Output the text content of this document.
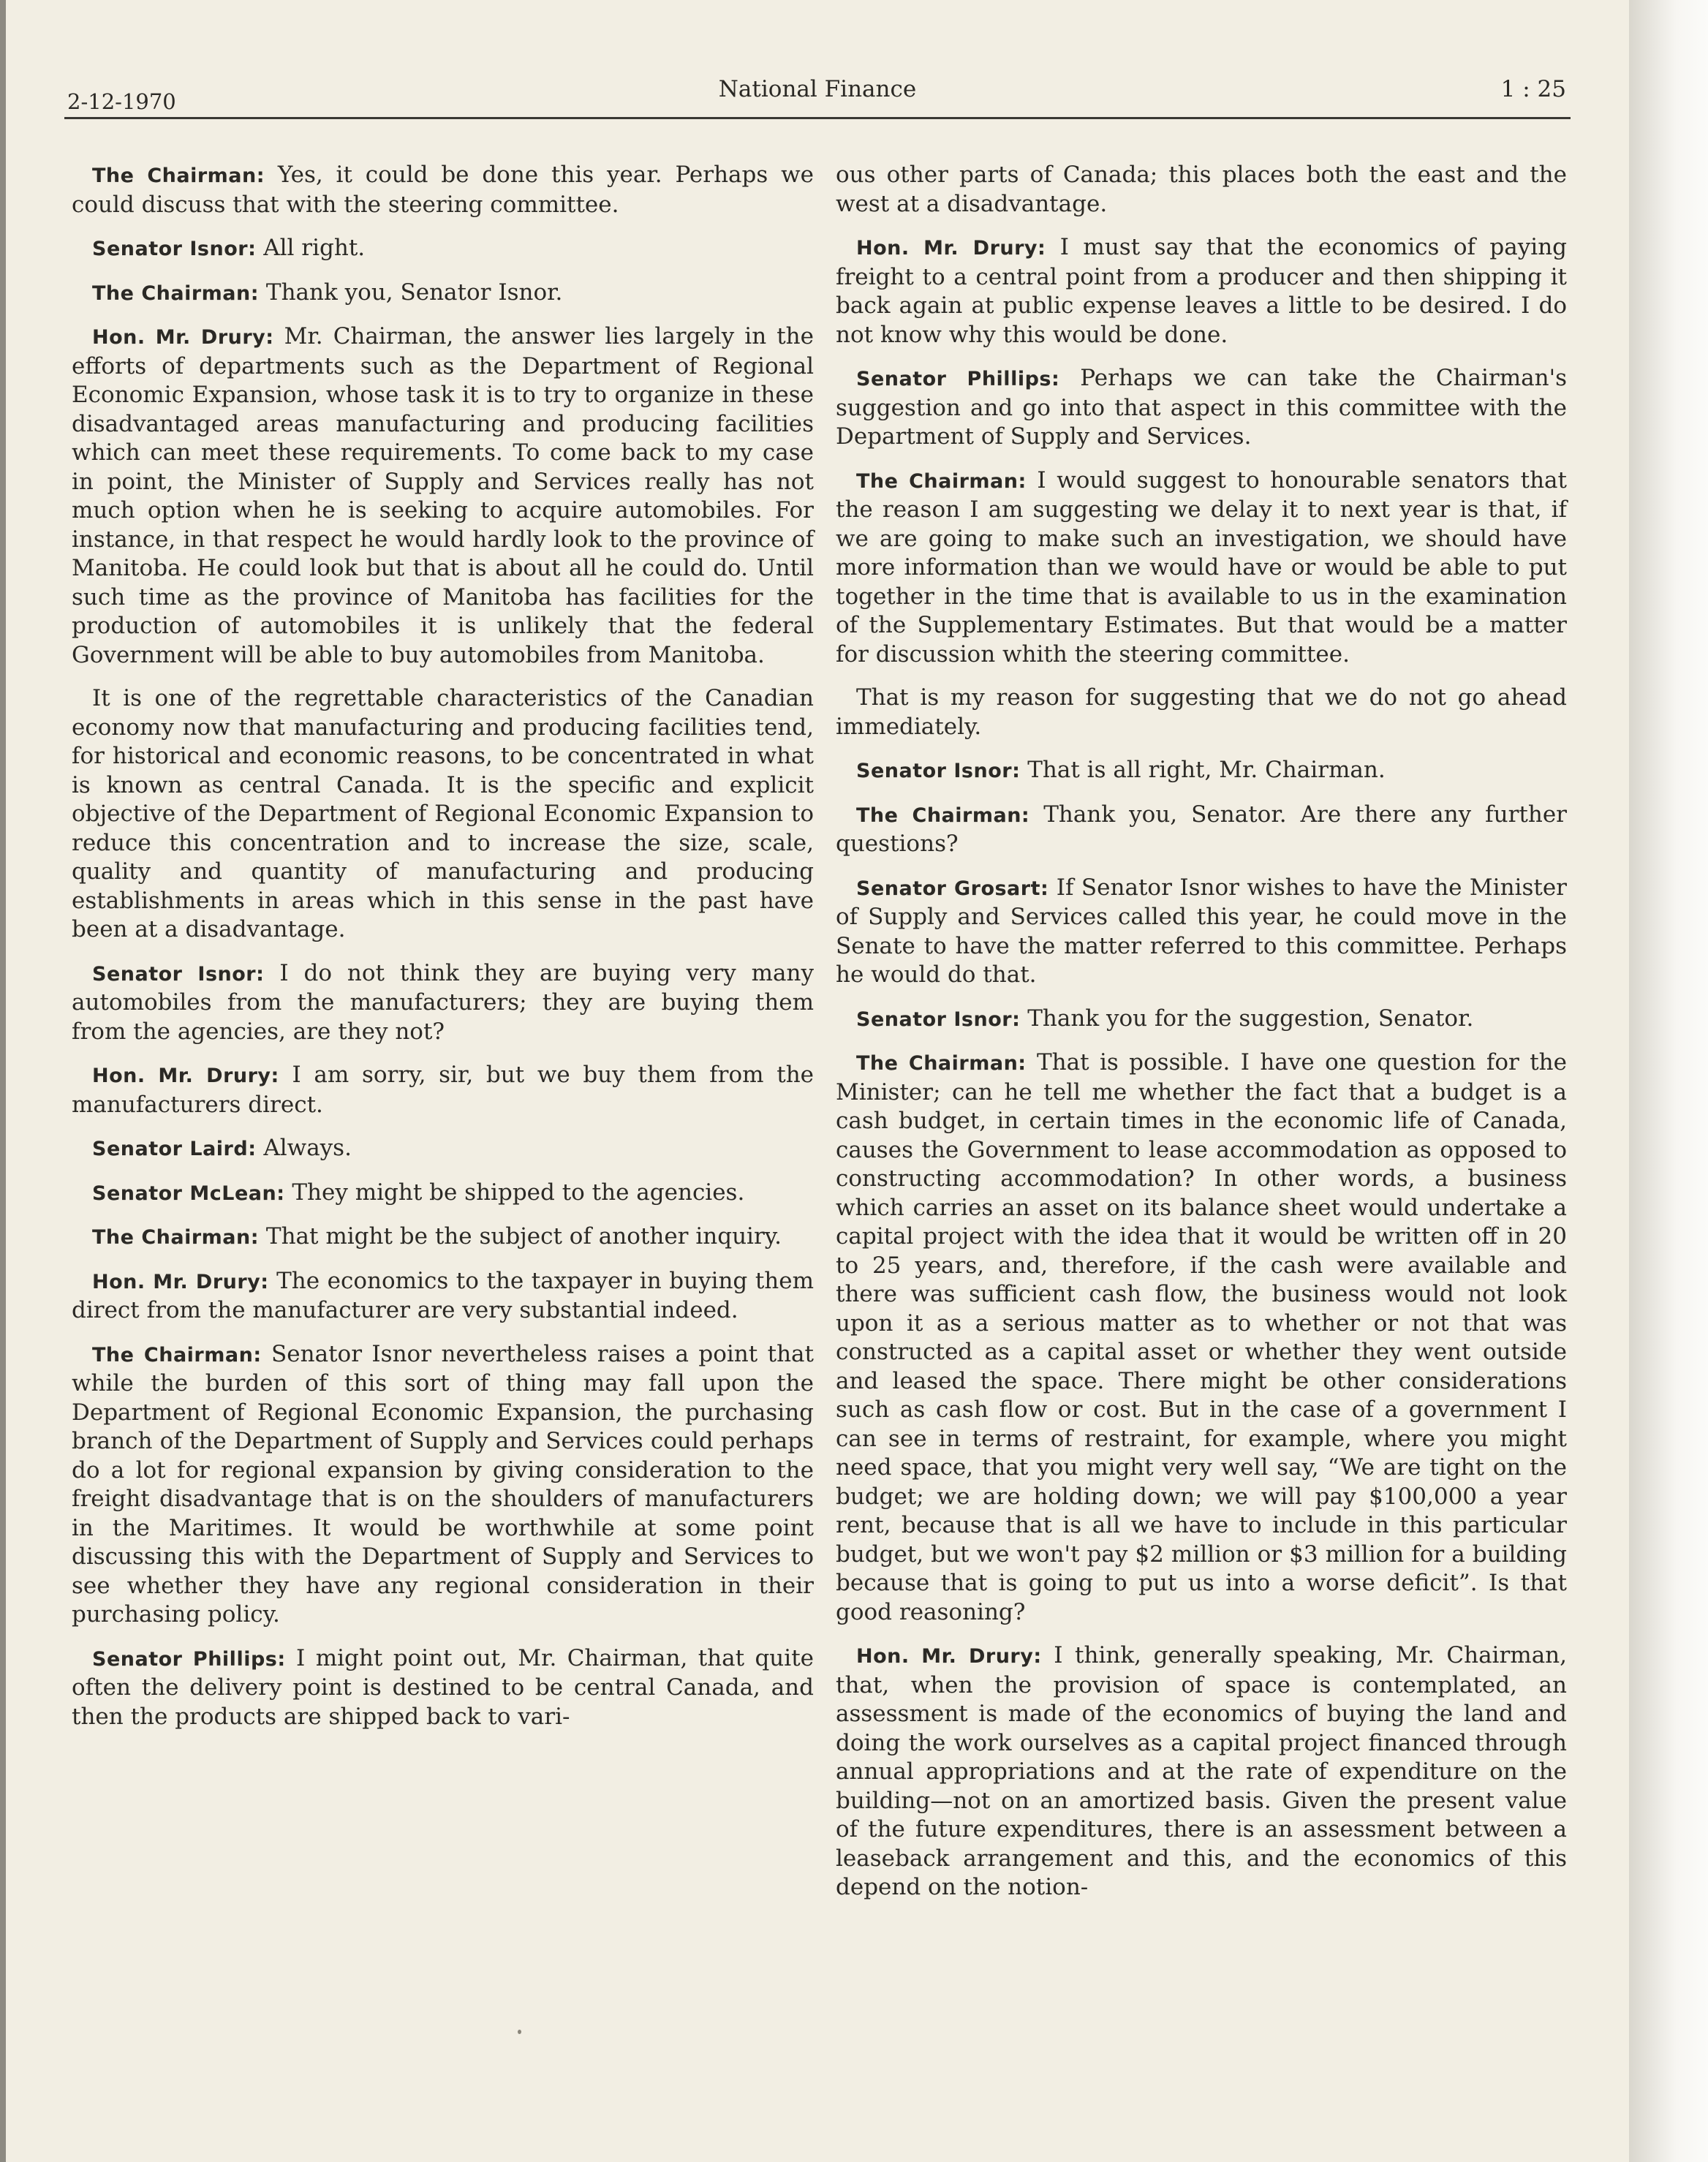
2-12-1970	National Finance	1 : 25

The Chairman: Yes, it could be done this year. Perhaps we could discuss that with the steering committee.

Senator Isnor: All right.

The Chairman: Thank you, Senator Isnor.

Hon. Mr. Drury: Mr. Chairman, the answer lies largely in the efforts of departments such as the Department of Regional Economic Expansion, whose task it is to try to organize in these disadvantaged areas manufacturing and producing facilities which can meet these requirements. To come back to my case in point, the Minister of Supply and Services really has not much option when he is seeking to acquire automobiles. For instance, in that respect he would hardly look to the province of Manitoba. He could look but that is about all he could do. Until such time as the province of Manitoba has facilities for the production of automobiles it is unlikely that the federal Government will be able to buy automobiles from Manitoba.

It is one of the regrettable characteristics of the Canadian economy now that manufacturing and producing facilities tend, for historical and economic reasons, to be concentrated in what is known as central Canada. It is the specific and explicit objective of the Department of Regional Economic Expansion to reduce this concentration and to increase the size, scale, quality and quantity of manufacturing and producing establishments in areas which in this sense in the past have been at a disadvantage.

Senator Isnor: I do not think they are buying very many automobiles from the manufacturers; they are buying them from the agencies, are they not?

Hon. Mr. Drury: I am sorry, sir, but we buy them from the manufacturers direct.

Senator Laird: Always.

Senator McLean: They might be shipped to the agencies.

The Chairman: That might be the subject of another inquiry.

Hon. Mr. Drury: The economics to the taxpayer in buying them direct from the manufacturer are very substantial indeed.

The Chairman: Senator Isnor nevertheless raises a point that while the burden of this sort of thing may fall upon the Department of Regional Economic Expansion, the purchasing branch of the Department of Supply and Services could perhaps do a lot for regional expansion by giving consideration to the freight disadvantage that is on the shoulders of manufacturers in the Maritimes. It would be worthwhile at some point discussing this with the Department of Supply and Services to see whether they have any regional consideration in their purchasing policy.

Senator Phillips: I might point out, Mr. Chairman, that quite often the delivery point is destined to be central Canada, and then the products are shipped back to vari-

ous other parts of Canada; this places both the east and the west at a disadvantage.

Hon. Mr. Drury: I must say that the economics of paying freight to a central point from a producer and then shipping it back again at public expense leaves a little to be desired. I do not know why this would be done.

Senator Phillips: Perhaps we can take the Chairman's suggestion and go into that aspect in this committee with the Department of Supply and Services.

The Chairman: I would suggest to honourable senators that the reason I am suggesting we delay it to next year is that, if we are going to make such an investigation, we should have more information than we would have or would be able to put together in the time that is available to us in the examination of the Supplementary Estimates. But that would be a matter for discussion whith the steering committee.

That is my reason for suggesting that we do not go ahead immediately.

Senator Isnor: That is all right, Mr. Chairman.

The Chairman: Thank you, Senator. Are there any further questions?

Senator Grosart: If Senator Isnor wishes to have the Minister of Supply and Services called this year, he could move in the Senate to have the matter referred to this committee. Perhaps he would do that.

Senator Isnor: Thank you for the suggestion, Senator.

The Chairman: That is possible. I have one question for the Minister; can he tell me whether the fact that a budget is a cash budget, in certain times in the economic life of Canada, causes the Government to lease accommodation as opposed to constructing accommodation? In other words, a business which carries an asset on its balance sheet would undertake a capital project with the idea that it would be written off in 20 to 25 years, and, therefore, if the cash were available and there was sufficient cash flow, the business would not look upon it as a serious matter as to whether or not that was constructed as a capital asset or whether they went outside and leased the space. There might be other considerations such as cash flow or cost. But in the case of a government I can see in terms of restraint, for example, where you might need space, that you might very well say, “We are tight on the budget; we are holding down; we will pay $100,000 a year rent, because that is all we have to include in this particular budget, but we won't pay $2 million or $3 million for a building because that is going to put us into a worse deficit”. Is that good reasoning?

Hon. Mr. Drury: I think, generally speaking, Mr. Chairman, that, when the provision of space is contemplated, an assessment is made of the economics of buying the land and doing the work ourselves as a capital project financed through annual appropriations and at the rate of expenditure on the building—not on an amortized basis. Given the present value of the future expenditures, there is an assessment between a leaseback arrangement and this, and the economics of this depend on the notion-
